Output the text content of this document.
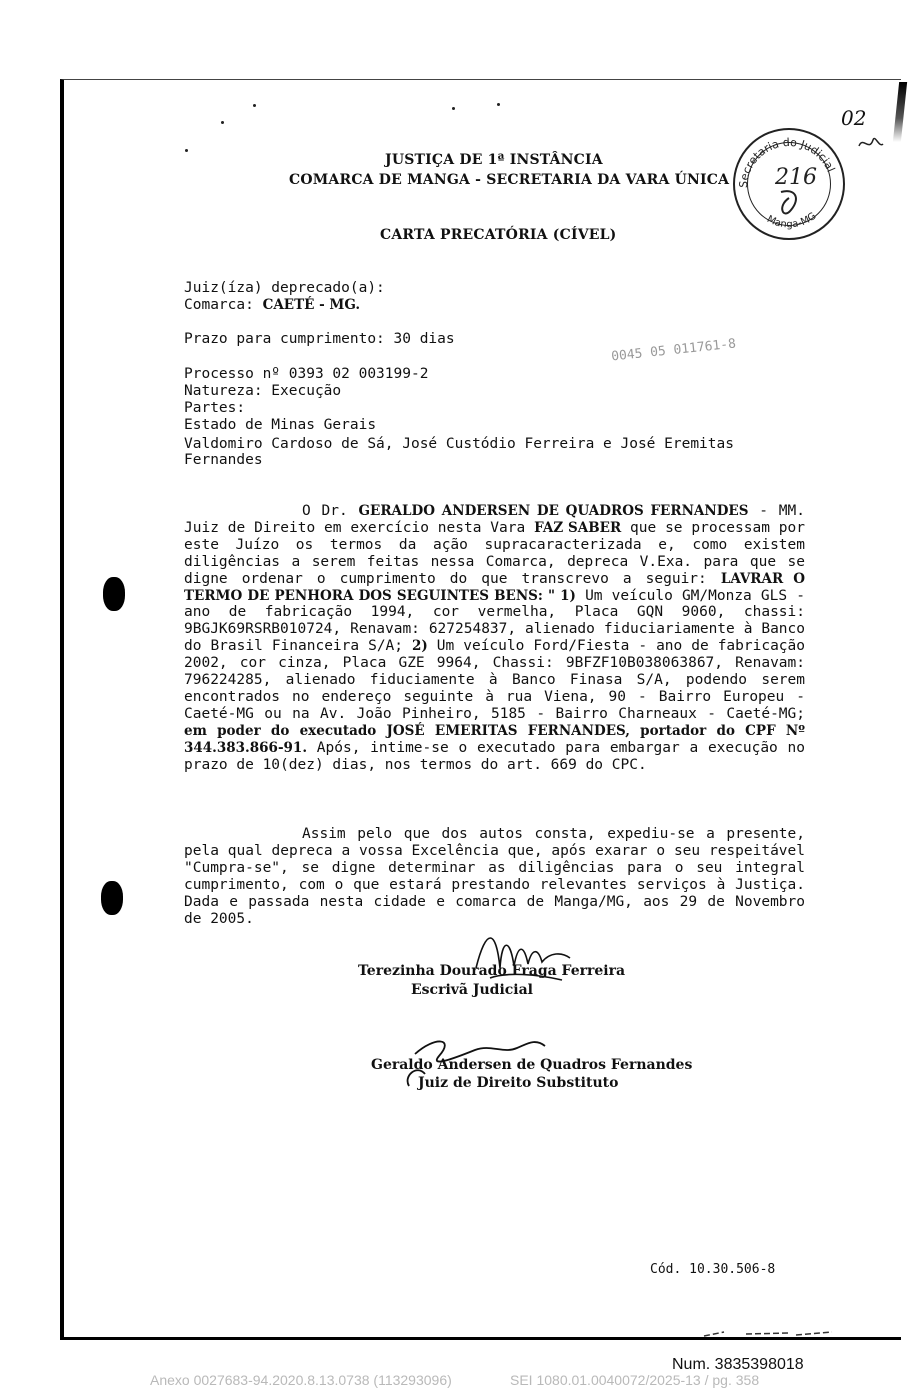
02
Secretaria do Judicial
Manga-MG
216
JUSTIÇA DE 1ª INSTÂNCIA
COMARCA DE MANGA - SECRETARIA DA VARA ÚNICA
CARTA PRECATÓRIA (CÍVEL)
0045 05 011761-8
Juiz(íza) deprecado(a):
Comarca: CAETÉ - MG.
Prazo para cumprimento: 30 dias
Processo nº 0393 02 003199-2
Natureza: Execução
Partes:
Estado de Minas Gerais
Valdomiro Cardoso de Sá, José Custódio Ferreira e José Eremitas
Fernandes
O Dr. GERALDO ANDERSEN DE QUADROS FERNANDES - MM. Juiz de Direito em exercício nesta Vara FAZ SABER que se processam por este Juízo os termos da ação supracaracterizada e, como existem diligências a serem feitas nessa Comarca, depreca V.Exa. para que se digne ordenar o cumprimento do que transcrevo a seguir: LAVRAR O TERMO DE PENHORA DOS SEGUINTES BENS: " 1) Um veículo GM/Monza GLS - ano de fabricação 1994, cor vermelha, Placa GQN 9060, chassi: 9BGJK69RSRB010724, Renavam: 627254837, alienado fiduciariamente à Banco do Brasil Financeira S/A; 2) Um veículo Ford/Fiesta - ano de fabricação 2002, cor cinza, Placa GZE 9964, Chassi: 9BFZF10B038063867, Renavam: 796224285, alienado fiduciamente à Banco Finasa S/A, podendo serem encontrados no endereço seguinte à rua Viena, 90 - Bairro Europeu - Caeté-MG ou na Av. João Pinheiro, 5185 - Bairro Charneaux - Caeté-MG; em poder do executado JOSÉ EMERITAS FERNANDES, portador do CPF Nº 344.383.866-91. Após, intime-se o executado para embargar a execução no prazo de 10(dez) dias, nos termos do art. 669 do CPC.
Assim pelo que dos autos consta, expediu-se a presente, pela qual depreca a vossa Excelência que, após exarar o seu respeitável "Cumpra-se", se digne determinar as diligências para o seu integral cumprimento, com o que estará prestando relevantes serviços à Justiça. Dada e passada nesta cidade e comarca de Manga/MG, aos 29 de Novembro de 2005.
Terezinha Dourado Fraga Ferreira
Escrivã Judicial
Geraldo Andersen de Quadros Fernandes
Juiz de Direito Substituto
Cód. 10.30.506-8
Num. 3835398018
Anexo 0027683-94.2020.8.13.0738 (113293096)	SEI 1080.01.0040072/2025-13 / pg. 358
